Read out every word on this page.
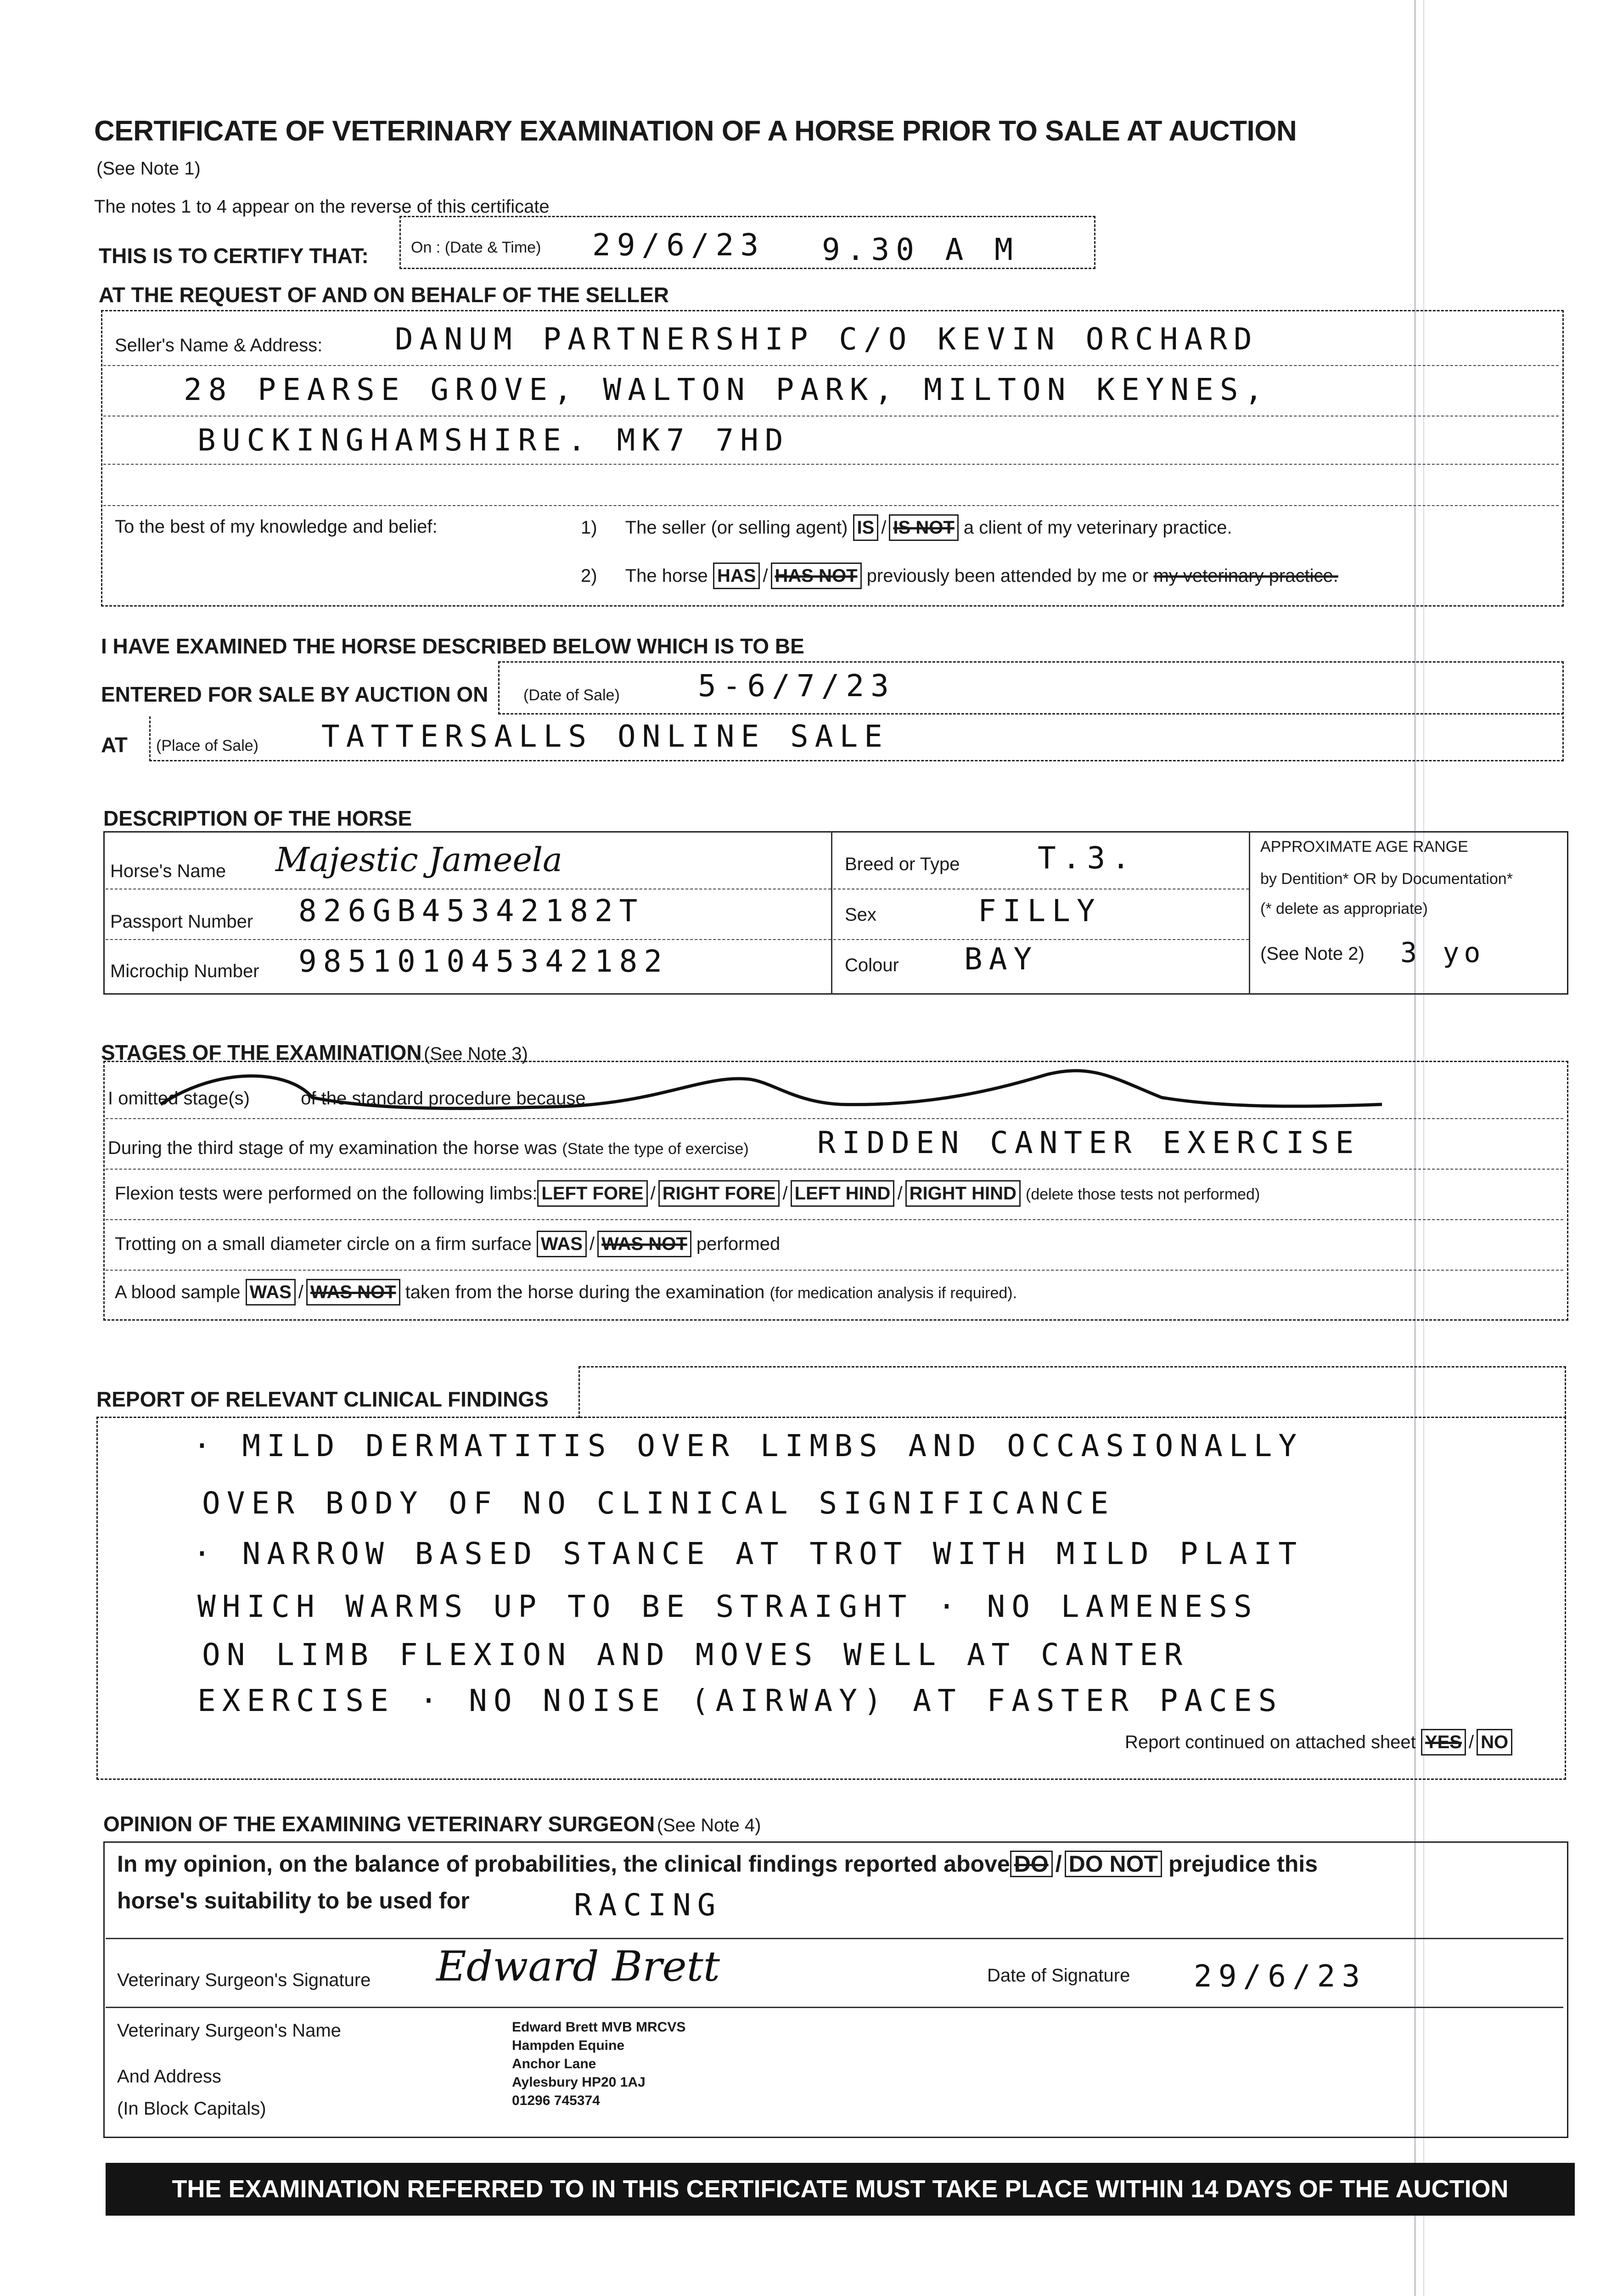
CERTIFICATE OF VETERINARY EXAMINATION OF A HORSE PRIOR TO SALE AT AUCTION
(See Note 1)
The notes 1 to 4 appear on the reverse of this certificate
THIS IS TO CERTIFY THAT:	On : (Date & Time) 29/6/23 9.30 A M
AT THE REQUEST OF AND ON BEHALF OF THE SELLER
Seller's Name & Address: DANUM PARTNERSHIP C/O KEVIN ORCHARD
28 PEARSE GROVE, WALTON PARK, MILTON KEYNES,
BUCKINGHAMSHIRE. MK7 7HD
To the best of my knowledge and belief:	1) The seller (or selling agent) IS / IS NOT a client of my veterinary practice.
2) The horse HAS / HAS NOT previously been attended by me or my veterinary practice.
I HAVE EXAMINED THE HORSE DESCRIBED BELOW WHICH IS TO BE
ENTERED FOR SALE BY AUCTION ON (Date of Sale)	5-6/7/23
AT (Place of Sale) TATTERSALLS ONLINE SALE
DESCRIPTION OF THE HORSE
Horse's Name Majestic Jameela
Passport Number 826GB45342182T
Microchip Number 985101045342182
Breed or Type	T.3.
Sex	FILLY
Colour BAY
APPROXIMATE AGE RANGE
by Dentition* OR by Documentation*
(* delete as appropriate)
(See Note 2) 3 yo
STAGES OF THE EXAMINATION (See Note 3)
I omitted stage(s)	of the standard procedure because
During the third stage of my examination the horse was (State the type of exercise) RIDDEN CANTER EXERCISE
Flexion tests were performed on the following limbs: LEFT FORE / RIGHT FORE / LEFT HIND / RIGHT HIND (delete those tests not performed)
Trotting on a small diameter circle on a firm surface WAS / WAS NOT performed
A blood sample WAS / WAS NOT taken from the horse during the examination (for medication analysis if required).
REPORT OF RELEVANT CLINICAL FINDINGS
· MILD DERMATITIS OVER LIMBS AND OCCASIONALLY
OVER BODY OF NO CLINICAL SIGNIFICANCE
· NARROW BASED STANCE AT TROT WITH MILD PLAIT
WHICH WARMS UP TO BE STRAIGHT · NO LAMENESS
ON LIMB FLEXION AND MOVES WELL AT CANTER
EXERCISE · NO NOISE (AIRWAY) AT FASTER PACES
Report continued on attached sheet YES / NO
OPINION OF THE EXAMINING VETERINARY SURGEON (See Note 4)
In my opinion, on the balance of probabilities, the clinical findings reported above DO / DO NOT prejudice this
horse's suitability to be used for	RACING
Veterinary Surgeon's Signature Edward Brett	Date of Signature 29/6/23
Veterinary Surgeon's Name
And Address
(In Block Capitals)
Edward Brett MVB MRCVS
Hampden Equine
Anchor Lane
Aylesbury HP20 1AJ
01296 745374
THE EXAMINATION REFERRED TO IN THIS CERTIFICATE MUST TAKE PLACE WITHIN 14 DAYS OF THE AUCTION
